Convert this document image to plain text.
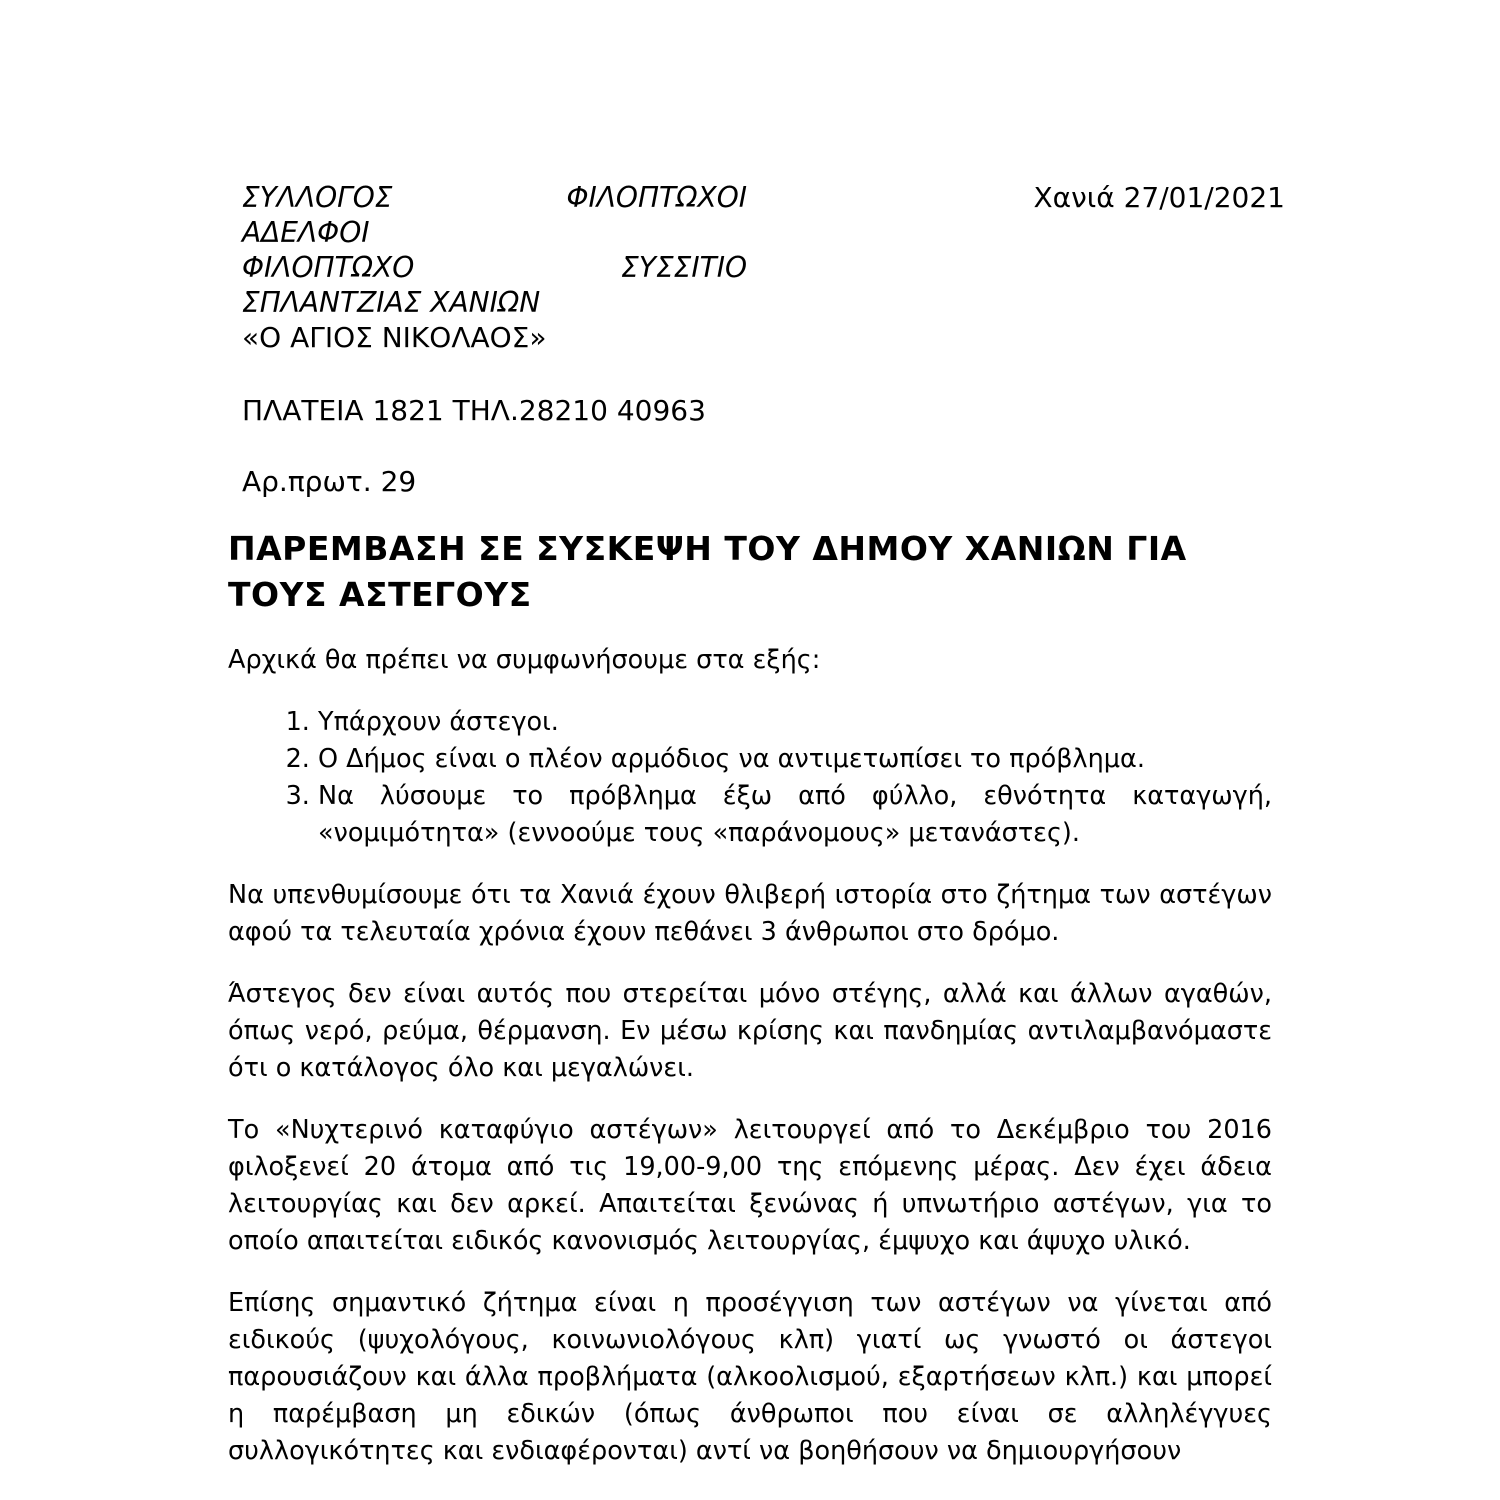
ΣΥΛΛΟΓΟΣ ΦΙΛΟΠΤΩΧΟΙ
ΑΔΕΛΦΟΙ
ΦΙΛΟΠΤΩΧΟ ΣΥΣΣΙΤΙΟ
ΣΠΛΑΝΤΖΙΑΣ ΧΑΝΙΩΝ
«Ο ΑΓΙΟΣ ΝΙΚΟΛΑΟΣ»
Χανιά 27/01/2021
ΠΛΑΤΕΙΑ 1821 ΤΗΛ.28210 40963
Αρ.πρωτ. 29
ΠΑΡΕΜΒΑΣΗ ΣΕ ΣΥΣΚΕΨΗ ΤΟΥ ΔΗΜΟΥ ΧΑΝΙΩΝ ΓΙΑ ΤΟΥΣ ΑΣΤΕΓΟΥΣ

Αρχικά θα πρέπει να συμφωνήσουμε στα εξής:

1. Υπάρχουν άστεγοι.
2. Ο Δήμος είναι ο πλέον αρμόδιος να αντιμετωπίσει το πρόβλημα.
3. Να λύσουμε το πρόβλημα έξω από φύλλο, εθνότητα καταγωγή, «νομιμότητα» (εννοούμε τους «παράνομους» μετανάστες).

Να υπενθυμίσουμε ότι τα Χανιά έχουν θλιβερή ιστορία στο ζήτημα των αστέγων αφού τα τελευταία χρόνια έχουν πεθάνει 3 άνθρωποι στο δρόμο.

Άστεγος δεν είναι αυτός που στερείται μόνο στέγης, αλλά και άλλων αγαθών, όπως νερό, ρεύμα, θέρμανση. Εν μέσω κρίσης και πανδημίας αντιλαμβανόμαστε ότι ο κατάλογος όλο και μεγαλώνει.

Το «Νυχτερινό καταφύγιο αστέγων» λειτουργεί από το Δεκέμβριο του 2016 φιλοξενεί 20 άτομα από τις 19,00-9,00 της επόμενης μέρας. Δεν έχει άδεια λειτουργίας και δεν αρκεί. Απαιτείται ξενώνας ή υπνωτήριο αστέγων, για το οποίο απαιτείται ειδικός κανονισμός λειτουργίας, έμψυχο και άψυχο υλικό.

Επίσης σημαντικό ζήτημα είναι η προσέγγιση των αστέγων να γίνεται από ειδικούς (ψυχολόγους, κοινωνιολόγους κλπ) γιατί ως γνωστό οι άστεγοι παρουσιάζουν και άλλα προβλήματα (αλκοολισμού, εξαρτήσεων κλπ.) και μπορεί η παρέμβαση μη εδικών (όπως άνθρωποι που είναι σε αλληλέγγυες συλλογικότητες και ενδιαφέρονται) αντί να βοηθήσουν να δημιουργήσουν
